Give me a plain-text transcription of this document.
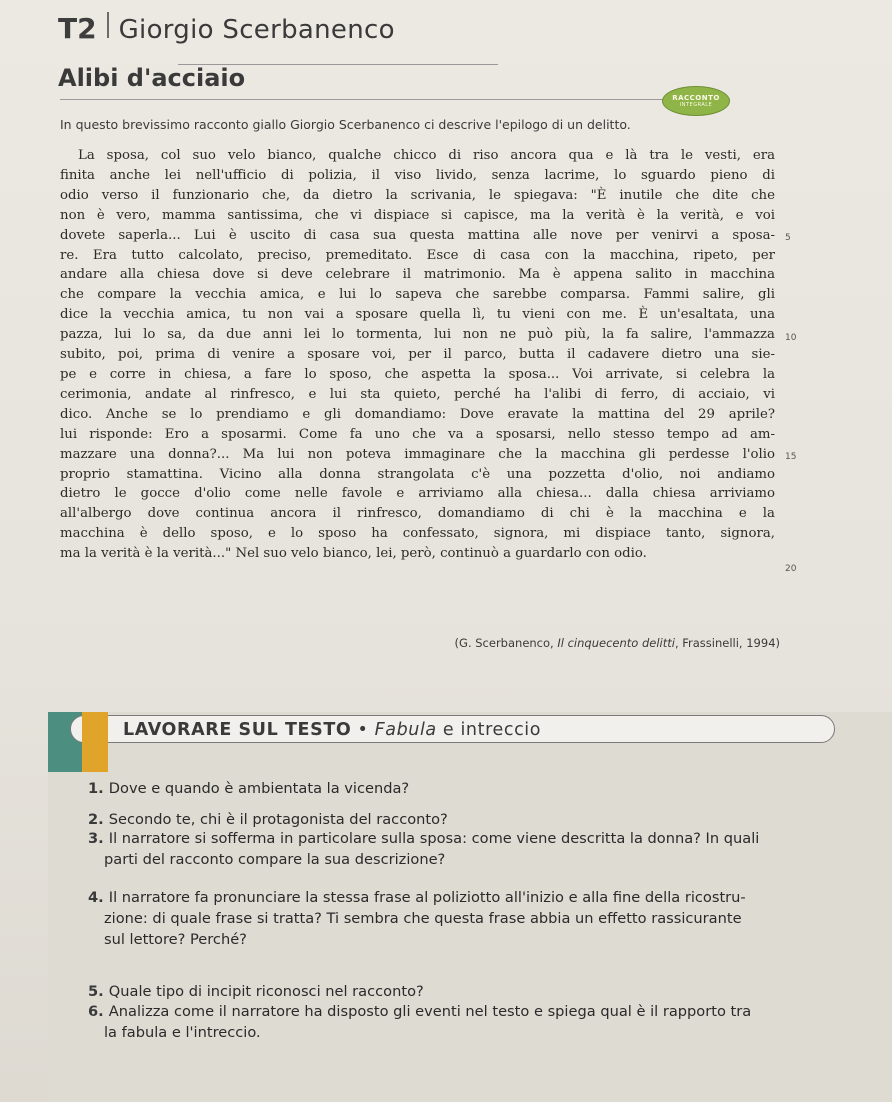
T2 Giorgio Scerbanenco
Alibi d'acciaio
RACCONTO
INTEGRALE
In questo brevissimo racconto giallo Giorgio Scerbanenco ci descrive l'epilogo di un delitto.
La sposa, col suo velo bianco, qualche chicco di riso ancora qua e là tra le vesti, era
finita anche lei nell'ufficio di polizia, il viso livido, senza lacrime, lo sguardo pieno di
odio verso il funzionario che, da dietro la scrivania, le spiegava: "È inutile che dite che
non è vero, mamma santissima, che vi dispiace si capisce, ma la verità è la verità, e voi
dovete saperla... Lui è uscito di casa sua questa mattina alle nove per venirvi a sposa-
re. Era tutto calcolato, preciso, premeditato. Esce di casa con la macchina, ripeto, per
andare alla chiesa dove si deve celebrare il matrimonio. Ma è appena salito in macchina
che compare la vecchia amica, e lui lo sapeva che sarebbe comparsa. Fammi salire, gli
dice la vecchia amica, tu non vai a sposare quella lì, tu vieni con me. È un'esaltata, una
pazza, lui lo sa, da due anni lei lo tormenta, lui non ne può più, la fa salire, l'ammazza
subito, poi, prima di venire a sposare voi, per il parco, butta il cadavere dietro una sie-
pe e corre in chiesa, a fare lo sposo, che aspetta la sposa... Voi arrivate, si celebra la
cerimonia, andate al rinfresco, e lui sta quieto, perché ha l'alibi di ferro, di acciaio, vi
dico. Anche se lo prendiamo e gli domandiamo: Dove eravate la mattina del 29 aprile?
lui risponde: Ero a sposarmi. Come fa uno che va a sposarsi, nello stesso tempo ad am-
mazzare una donna?... Ma lui non poteva immaginare che la macchina gli perdesse l'olio
proprio stamattina. Vicino alla donna strangolata c'è una pozzetta d'olio, noi andiamo
dietro le gocce d'olio come nelle favole e arriviamo alla chiesa... dalla chiesa arriviamo
all'albergo dove continua ancora il rinfresco, domandiamo di chi è la macchina e la
macchina è dello sposo, e lo sposo ha confessato, signora, mi dispiace tanto, signora,
ma la verità è la verità..." Nel suo velo bianco, lei, però, continuò a guardarlo con odio.
5
10
15
20
(G. Scerbanenco, Il cinquecento delitti, Frassinelli, 1994)
LAVORARE SUL TESTO • Fabula e intreccio
1. Dove e quando è ambientata la vicenda?
2. Secondo te, chi è il protagonista del racconto?
3. Il narratore si sofferma in particolare sulla sposa: come viene descritta la donna? In quali
parti del racconto compare la sua descrizione?
4. Il narratore fa pronunciare la stessa frase al poliziotto all'inizio e alla fine della ricostru-
zione: di quale frase si tratta? Ti sembra che questa frase abbia un effetto rassicurante
sul lettore? Perché?
5. Quale tipo di incipit riconosci nel racconto?
6. Analizza come il narratore ha disposto gli eventi nel testo e spiega qual è il rapporto tra
la fabula e l'intreccio.
